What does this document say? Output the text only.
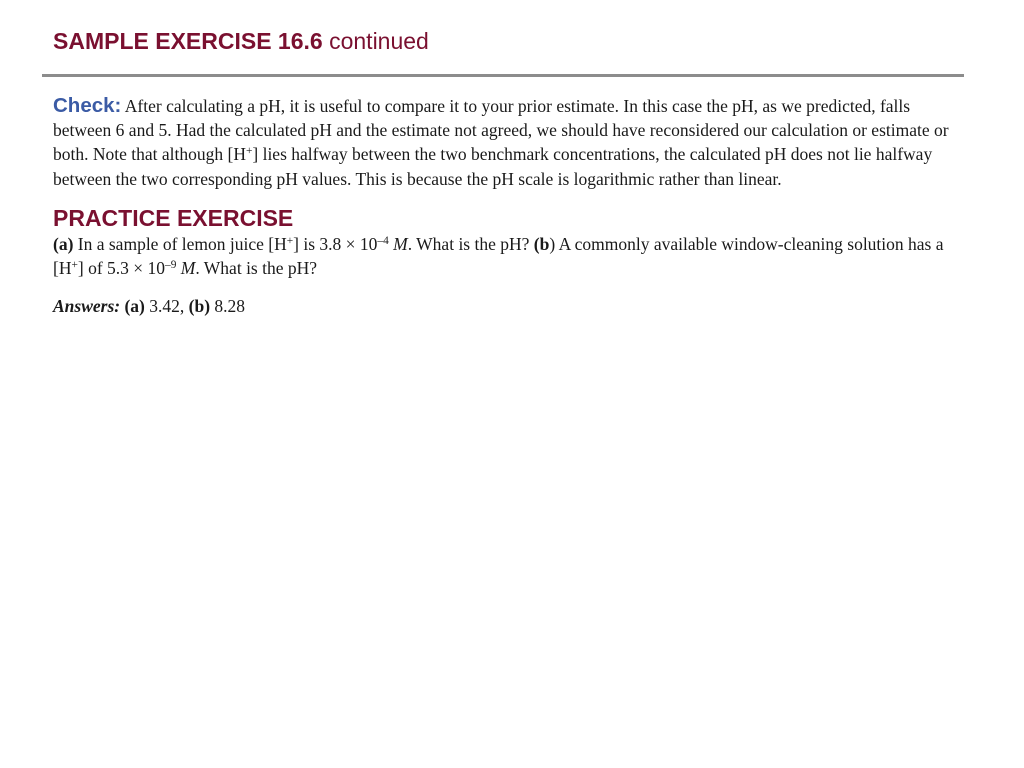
SAMPLE EXERCISE 16.6 continued

Check: After calculating a pH, it is useful to compare it to your prior estimate. In this case the pH, as we predicted, falls between 6 and 5. Had the calculated pH and the estimate not agreed, we should have reconsidered our calculation or estimate or both. Note that although [H+] lies halfway between the two benchmark concentrations, the calculated pH does not lie halfway between the two corresponding pH values. This is because the pH scale is logarithmic rather than linear.

PRACTICE EXERCISE

(a) In a sample of lemon juice [H+] is $3.8 \times 10^{-4}$ M. What is the pH? (b) A commonly available window-cleaning solution has a [H+] of $5.3 \times 10^{-9}$ M. What is the pH?

Answers: (a) 3.42, (b) 8.28
